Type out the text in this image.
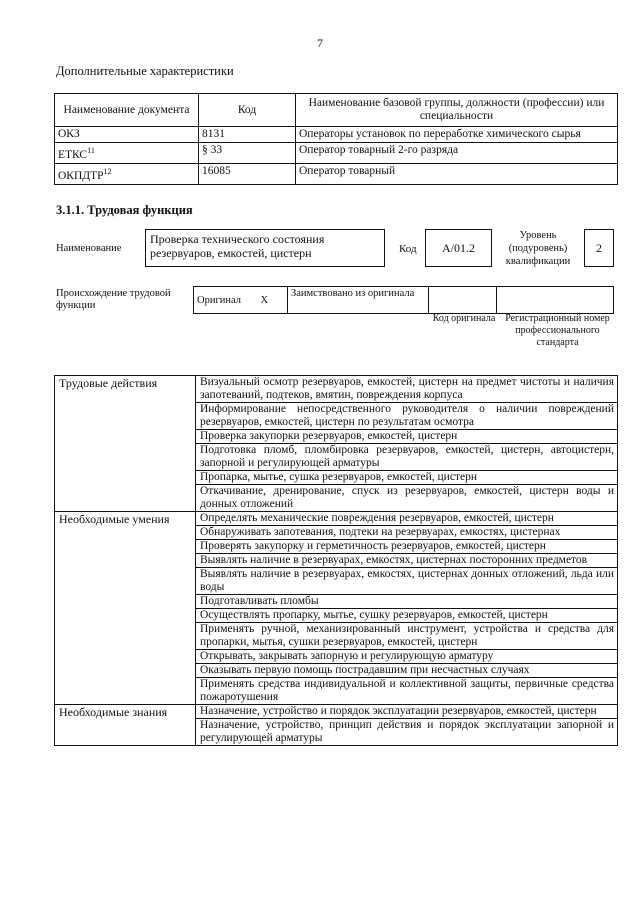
7
Дополнительные характеристики
Наименование документа	Код	Наименование базовой группы, должности (профессии) или специальности
ОКЗ	8131	Операторы установок по переработке химического сырья
ЕТКС$^{11}$	§ 33	Оператор товарный 2-го разряда
ОКПДТР$^{12}$	16085	Оператор товарный
3.1.1. Трудовая функция
Наименование
Проверка технического состояния резервуаров, емкостей, цистерн	Код	А/01.2
Уровень (подуровень) квалификации
2
Происхождение трудовой функции	Оригинал	X	Заимствовано из оригинала		
Код оригинала Регистрационный номер профессионального стандарта
Трудовые действия	Визуальный осмотр резервуаров, емкостей, цистерн на предмет чистоты и наличия запотеваний, подтеков, вмятин, повреждения корпуса
	Информирование непосредственного руководителя о наличии повреждений резервуаров, емкостей, цистерн по результатам осмотра
	Проверка закупорки резервуаров, емкостей, цистерн
	Подготовка пломб, пломбировка резервуаров, емкостей, цистерн, автоцистерн, запорной и регулирующей арматуры
	Пропарка, мытье, сушка резервуаров, емкостей, цистерн
	Откачивание, дренирование, спуск из резервуаров, емкостей, цистерн воды и донных отложений
Необходимые умения	Определять механические повреждения резервуаров, емкостей, цистерн
	Обнаруживать запотевания, подтеки на резервуарах, емкостях, цистернах
	Проверять закупорку и герметичность резервуаров, емкостей, цистерн
	Выявлять наличие в резервуарах, емкостях, цистернах посторонних предметов
	Выявлять наличие в резервуарах, емкостях, цистернах донных отложений, льда или воды
	Подготавливать пломбы
	Осуществлять пропарку, мытье, сушку резервуаров, емкостей, цистерн
	Применять ручной, механизированный инструмент, устройства и средства для пропарки, мытья, сушки резервуаров, емкостей, цистерн
	Открывать, закрывать запорную и регулирующую арматуру
	Оказывать первую помощь пострадавшим при несчастных случаях
	Применять средства индивидуальной и коллективной защиты, первичные средства пожаротушения
Необходимые знания	Назначение, устройство и порядок эксплуатации резервуаров, емкостей, цистерн
	Назначение, устройство, принцип действия и порядок эксплуатации запорной и регулирующей арматуры
